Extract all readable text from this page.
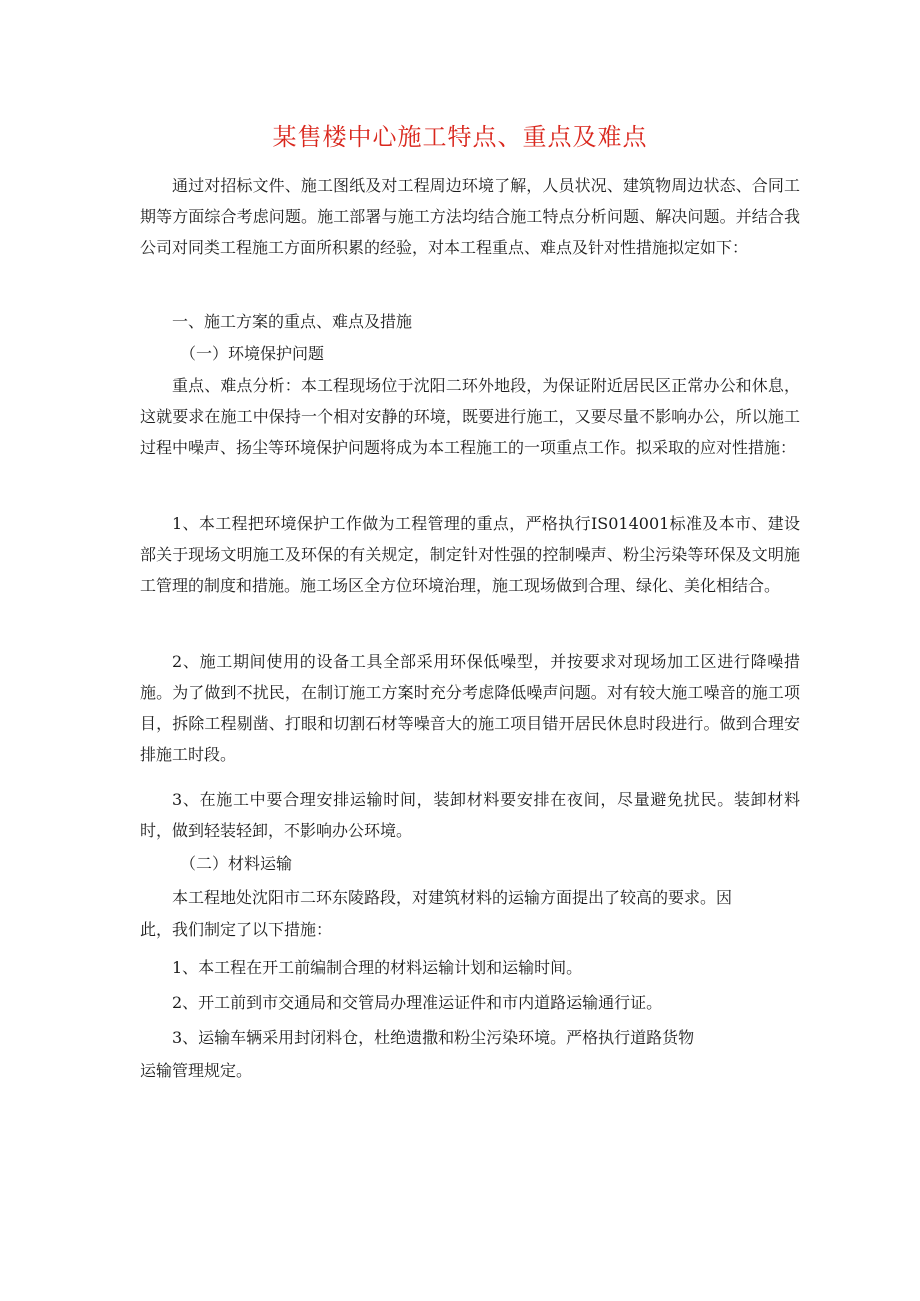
某售楼中心施工特点、重点及难点

通过对招标文件、施工图纸及对工程周边环境了解，人员状况、建筑物周边状态、合同工期等方面综合考虑问题。施工部署与施工方法均结合施工特点分析问题、解决问题。并结合我公司对同类工程施工方面所积累的经验，对本工程重点、难点及针对性措施拟定如下：

一、施工方案的重点、难点及措施
（一）环境保护问题

重点、难点分析：本工程现场位于沈阳二环外地段，为保证附近居民区正常办公和休息，这就要求在施工中保持一个相对安静的环境，既要进行施工，又要尽量不影响办公，所以施工过程中噪声、扬尘等环境保护问题将成为本工程施工的一项重点工作。拟采取的应对性措施：

1、本工程把环境保护工作做为工程管理的重点，严格执行IS014001标准及本市、建设部关于现场文明施工及环保的有关规定，制定针对性强的控制噪声、粉尘污染等环保及文明施工管理的制度和措施。施工场区全方位环境治理，施工现场做到合理、绿化、美化相结合。

2、施工期间使用的设备工具全部采用环保低噪型，并按要求对现场加工区进行降噪措施。为了做到不扰民，在制订施工方案时充分考虑降低噪声问题。对有较大施工噪音的施工项目，拆除工程剔凿、打眼和切割石材等噪音大的施工项目错开居民休息时段进行。做到合理安排施工时段。

3、在施工中要合理安排运输时间，装卸材料要安排在夜间，尽量避免扰民。装卸材料时，做到轻装轻卸，不影响办公环境。

（二）材料运输
本工程地处沈阳市二环东陵路段，对建筑材料的运输方面提出了较高的要求。因
此，我们制定了以下措施：
1、本工程在开工前编制合理的材料运输计划和运输时间。
2、开工前到市交通局和交管局办理准运证件和市内道路运输通行证。
3、运输车辆采用封闭料仓，杜绝遗撒和粉尘污染环境。严格执行道路货物
运输管理规定。
